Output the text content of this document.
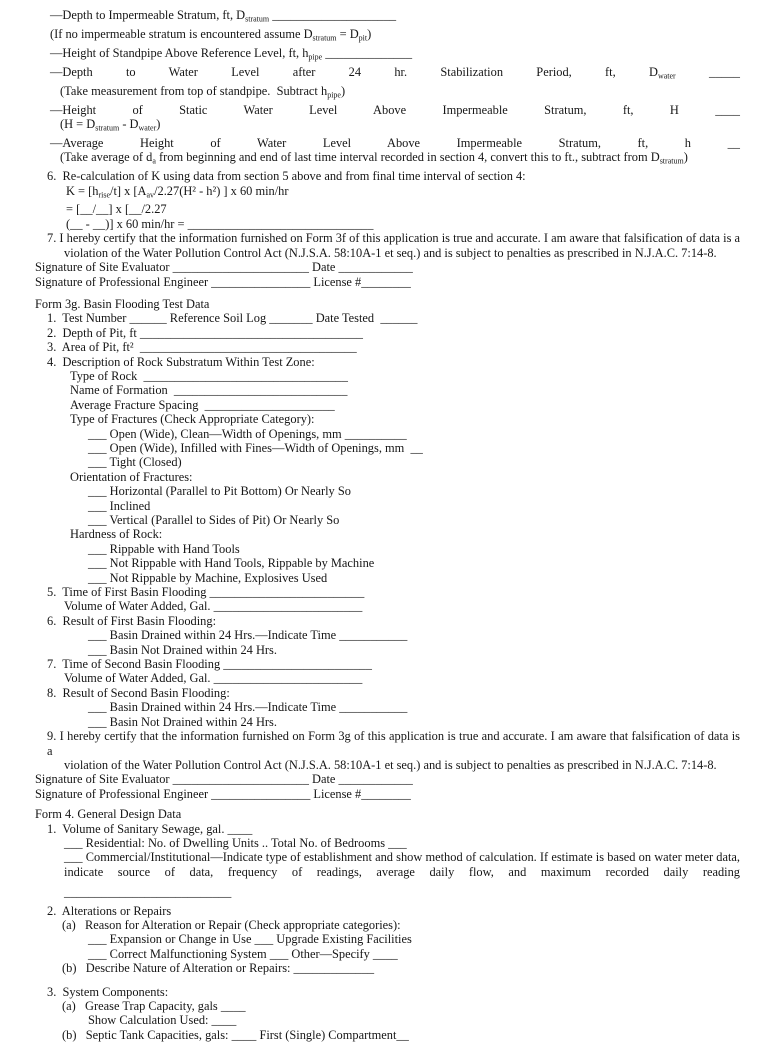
—Depth to Impermeable Stratum, ft, $D_{stratum}$ ____________________
(If no impermeable stratum is encountered assume $D_{stratum} = D_{pit}$)
—Height of Standpipe Above Reference Level, ft, $h_{pipe}$ ______________
—Depth to Water Level after 24 hr. Stabilization Period, ft, $D_{water}$	_____
(Take measurement from top of standpipe.  Subtract $h_{pipe}$)
—Height of Static Water Level Above Impermeable Stratum, ft, H ____
$(H = D_{stratum} - D_{water})$
—Average Height of Water Level Above Impermeable Stratum, ft, h __
(Take average of $d_a$ from beginning and end of last time interval recorded in section 4, convert this to ft., subtract from $D_{stratum}$)
6.  Re-calculation of K using data from section 5 above and from final time interval of section 4:
$K = [h_{rise}/t]$ x [$A_{av}/2.27(H^2 - h^2)$ ] x 60 min/hr
= [__/__] x [__/2.27
(__ - __)] x 60 min/hr = ______________________________
7. I hereby certify that the information furnished on Form 3f of this application is true and accurate. I am aware that falsification of data is a
violation of the Water Pollution Control Act (N.J.S.A. 58:10A-1 et seq.) and is subject to penalties as prescribed in N.J.A.C. 7:14-8.
Signature of Site Evaluator ______________________ Date ____________
Signature of Professional Engineer ________________ License #________
Form 3g. Basin Flooding Test Data
1.  Test Number ______ Reference Soil Log _______ Date Tested  ______
2.  Depth of Pit, ft ____________________________________
3.  Area of Pit, ft²  ___________________________________
4.  Description of Rock Substratum Within Test Zone:
Type of Rock  _________________________________
Name of Formation  ____________________________
Average Fracture Spacing  _____________________
Type of Fractures (Check Appropriate Category):
___ Open (Wide), Clean—Width of Openings, mm __________
___ Open (Wide), Infilled with Fines—Width of Openings, mm  __
___ Tight (Closed)
Orientation of Fractures:
___ Horizontal (Parallel to Pit Bottom) Or Nearly So
___ Inclined
___ Vertical (Parallel to Sides of Pit) Or Nearly So
Hardness of Rock:
___ Rippable with Hand Tools
___ Not Rippable with Hand Tools, Rippable by Machine
___ Not Rippable by Machine, Explosives Used
5.  Time of First Basin Flooding _________________________
Volume of Water Added, Gal. ________________________
6.  Result of First Basin Flooding:
___ Basin Drained within 24 Hrs.—Indicate Time ___________
___ Basin Not Drained within 24 Hrs.
7.  Time of Second Basin Flooding ________________________
Volume of Water Added, Gal. ________________________
8.  Result of Second Basin Flooding:
___ Basin Drained within 24 Hrs.—Indicate Time ___________
___ Basin Not Drained within 24 Hrs.
9. I hereby certify that the information furnished on Form 3g of this application is true and accurate. I am aware that falsification of data is a
violation of the Water Pollution Control Act (N.J.S.A. 58:10A-1 et seq.) and is subject to penalties as prescribed in N.J.A.C. 7:14-8.
Signature of Site Evaluator ______________________ Date ____________
Signature of Professional Engineer ________________ License #________
Form 4. General Design Data
1.  Volume of Sanitary Sewage, gal. ____
___ Residential: No. of Dwelling Units .. Total No. of Bedrooms ___
___ Commercial/Institutional—Indicate type of establishment and show method of calculation. If estimate is based on water meter data,
indicate source of data, frequency of readings, average daily flow, and maximum recorded daily reading
___________________________
2.  Alterations or Repairs
(a)   Reason for Alteration or Repair (Check appropriate categories):
___ Expansion or Change in Use ___ Upgrade Existing Facilities
___ Correct Malfunctioning System ___ Other—Specify ____
(b)   Describe Nature of Alteration or Repairs: _____________
3.  System Components:
(a)   Grease Trap Capacity, gals ____
Show Calculation Used: ____
(b)   Septic Tank Capacities, gals: ____ First (Single) Compartment__
